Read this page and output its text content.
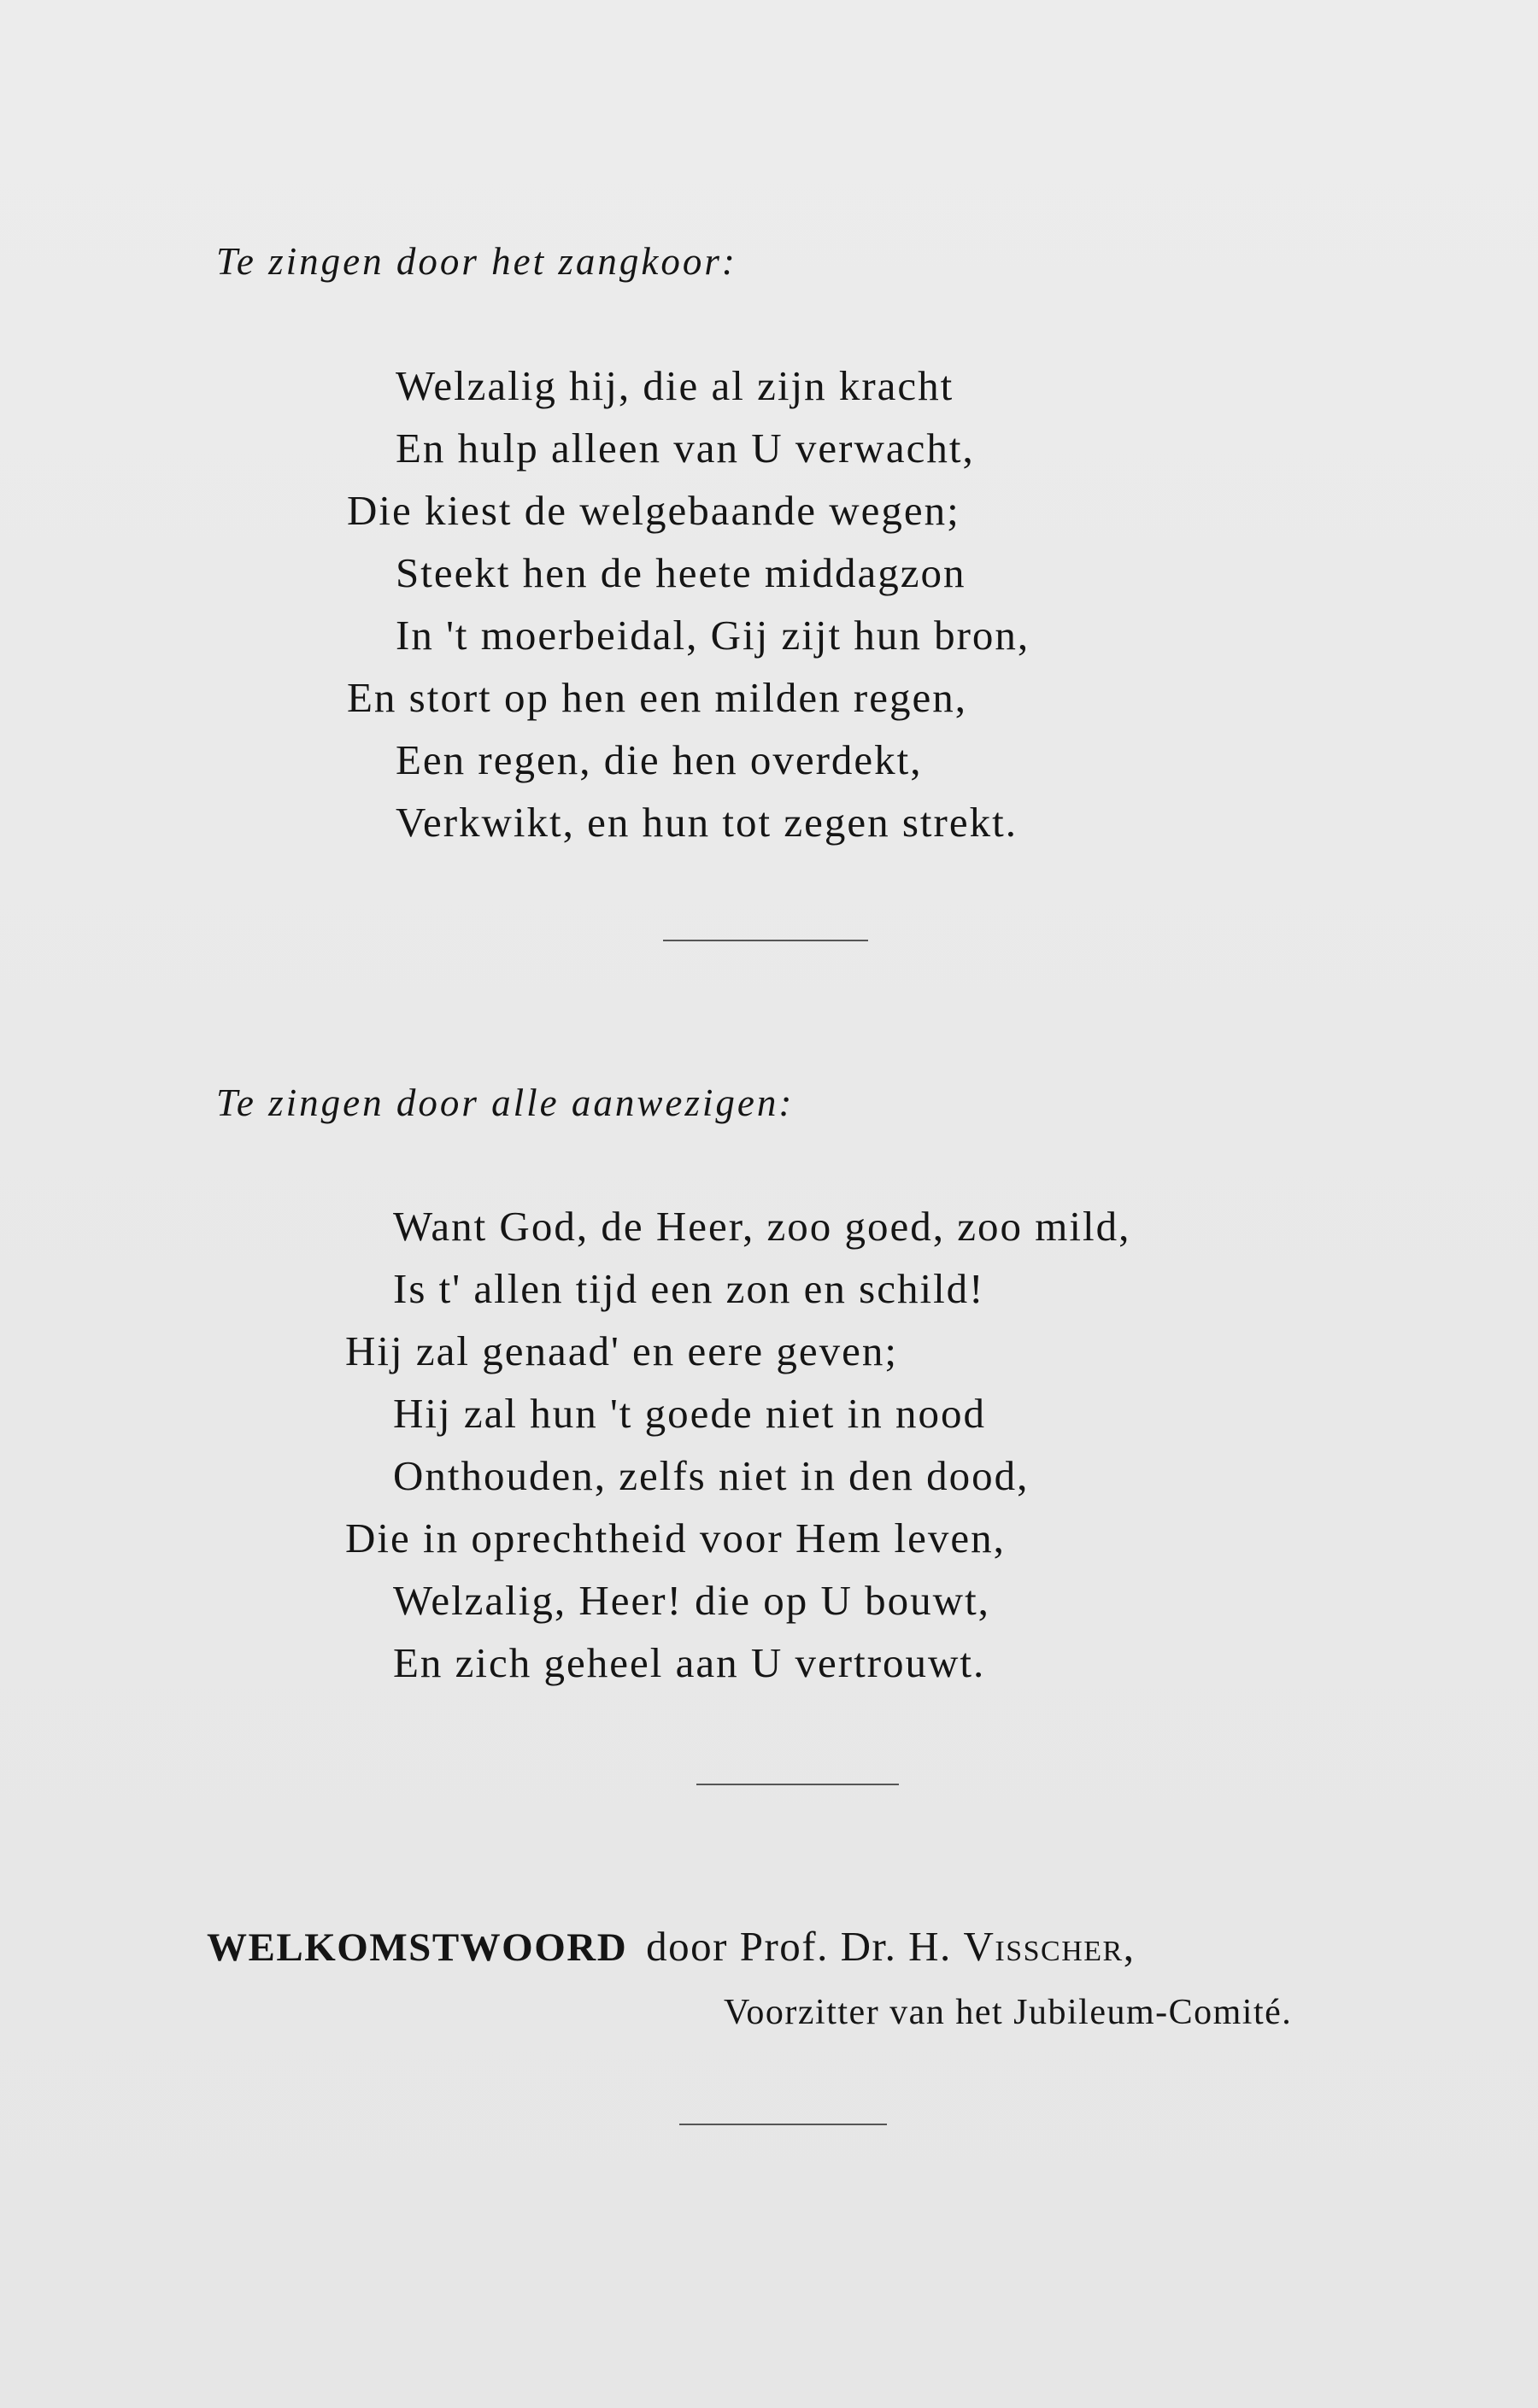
Te zingen door het zangkoor:
Welzalig hij, die al zijn kracht
En hulp alleen van U verwacht,
Die kiest de welgebaande wegen;
Steekt hen de heete middagzon
In 't moerbeidal, Gij zijt hun bron,
En stort op hen een milden regen,
Een regen, die hen overdekt,
Verkwikt, en hun tot zegen strekt.
Te zingen door alle aanwezigen:
Want God, de Heer, zoo goed, zoo mild,
Is t' allen tijd een zon en schild!
Hij zal genaad' en eere geven;
Hij zal hun 't goede niet in nood
Onthouden, zelfs niet in den dood,
Die in oprechtheid voor Hem leven,
Welzalig, Heer! die op U bouwt,
En zich geheel aan U vertrouwt.
WELKOMSTWOORD door Prof. Dr. H. Visscher,
Voorzitter van het Jubileum-Comité.
